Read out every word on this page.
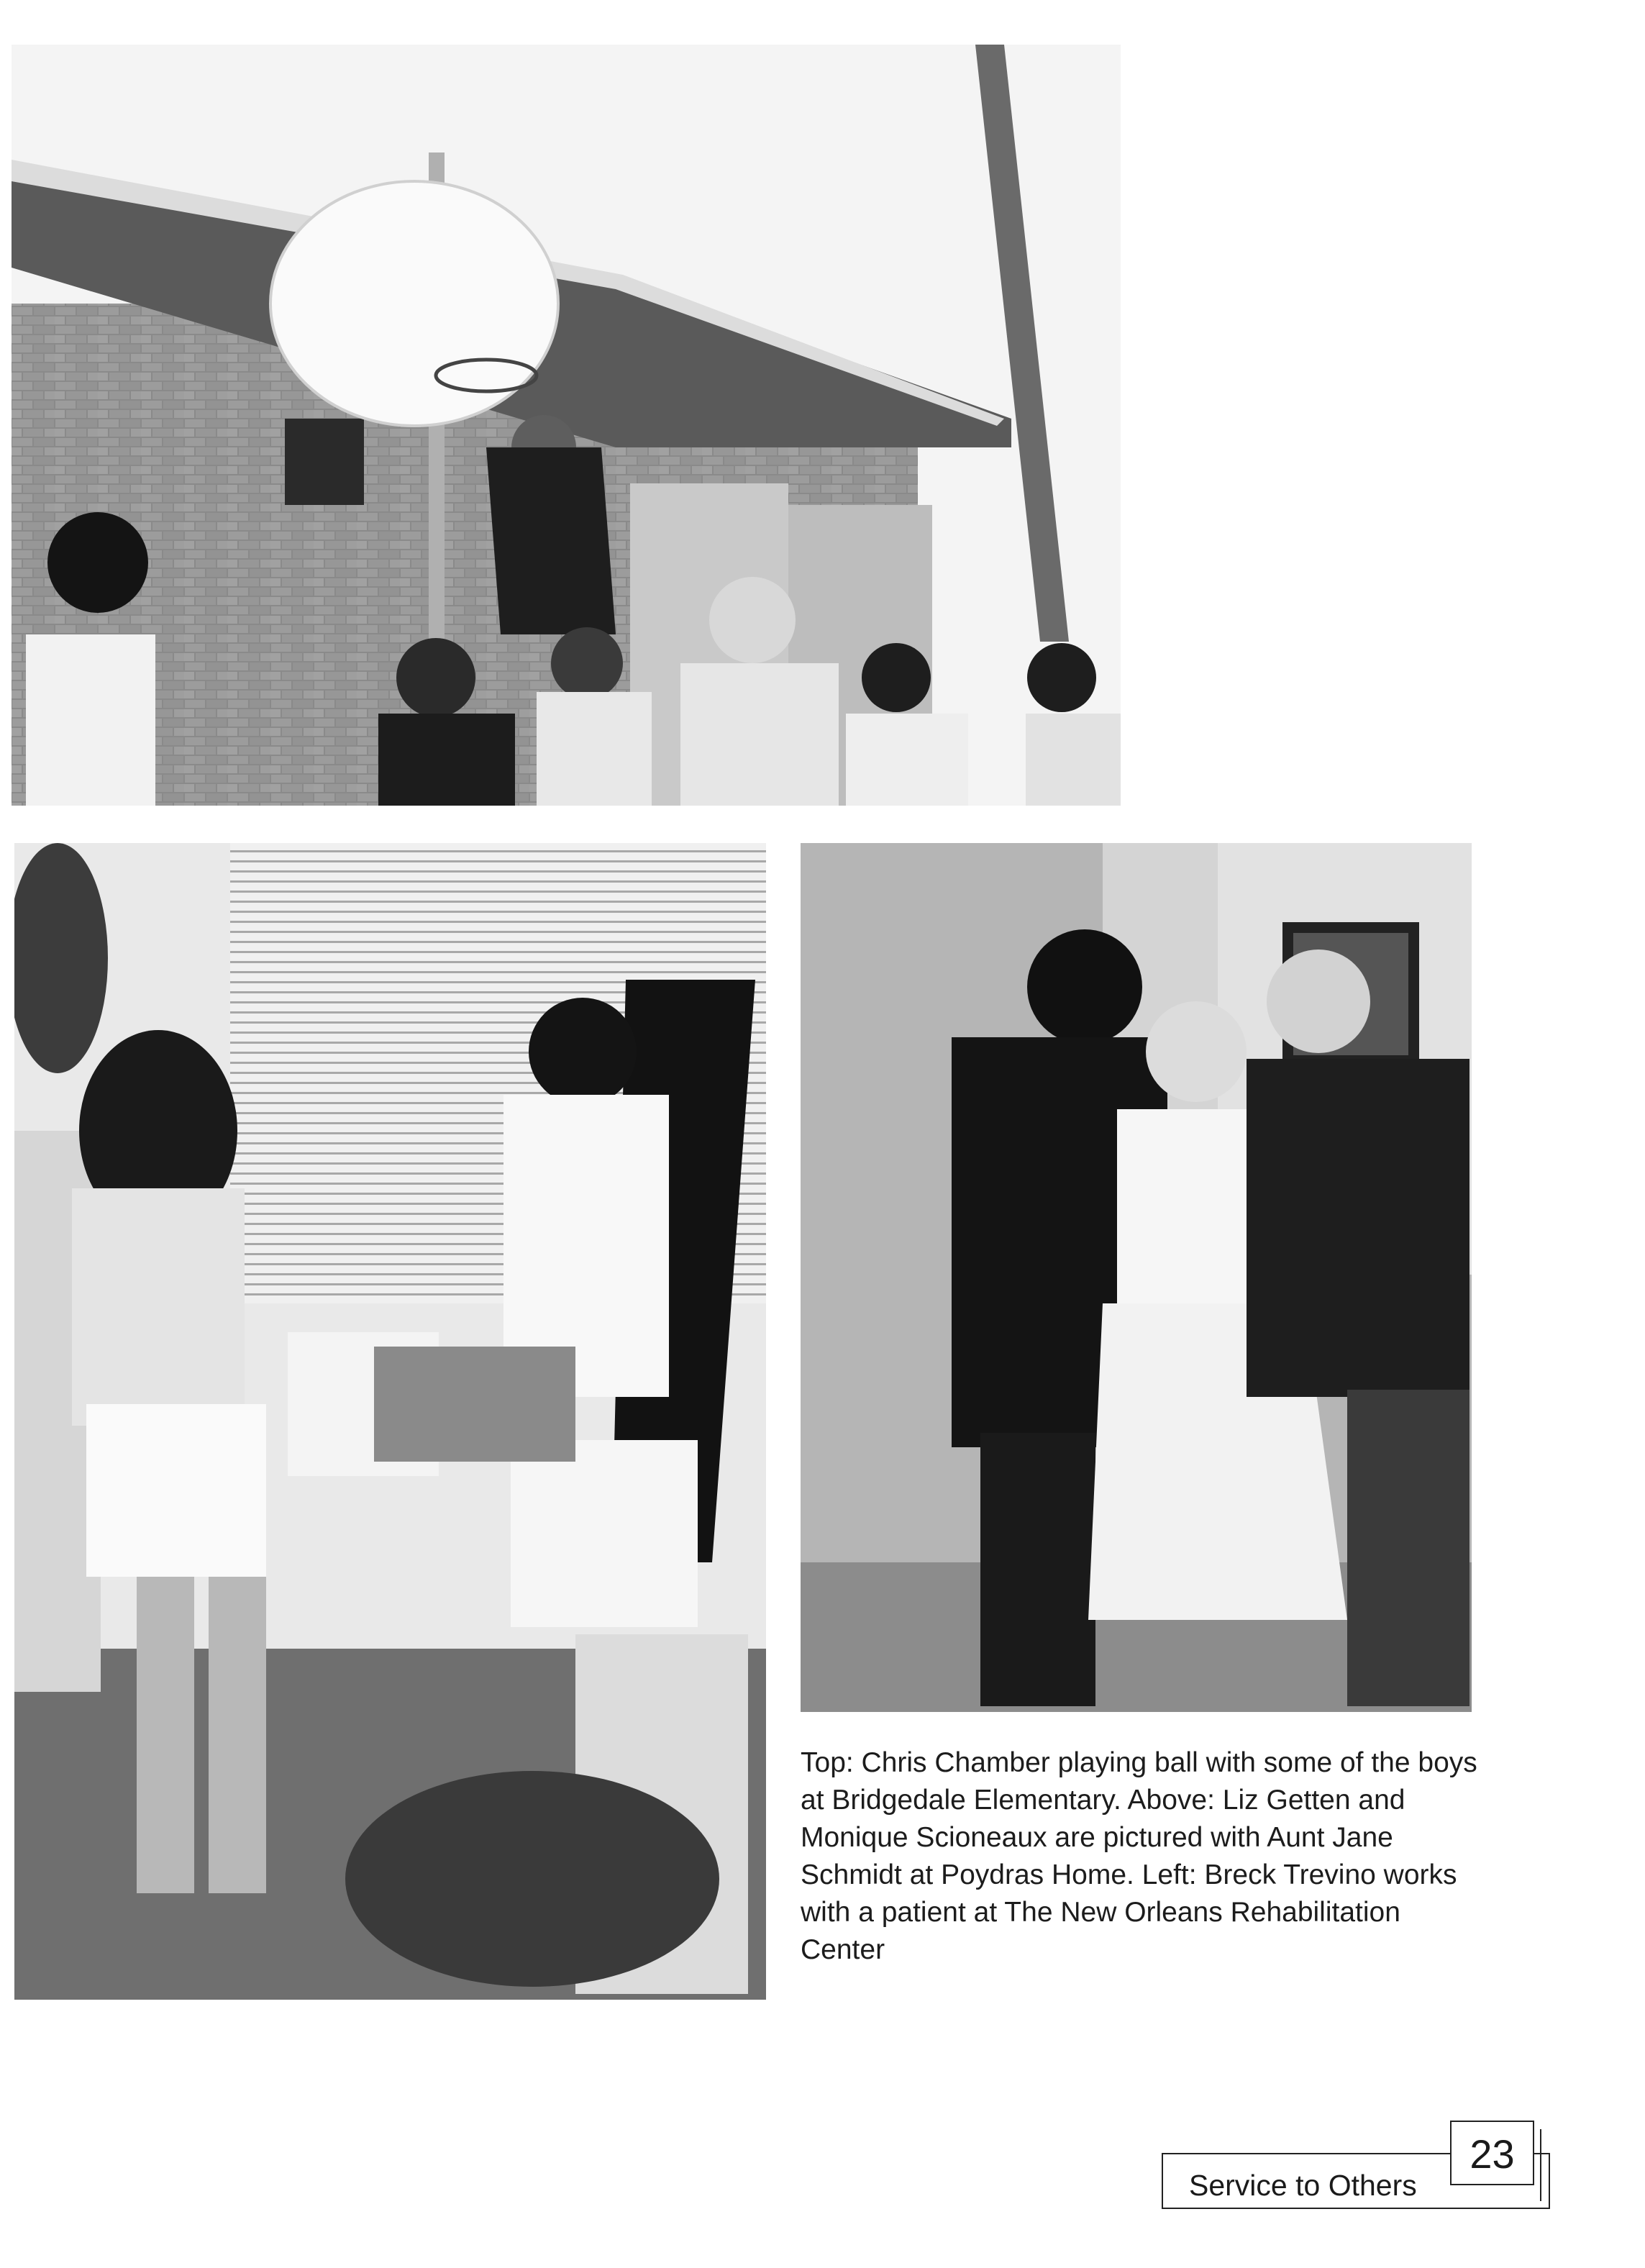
Top: Chris Chamber playing ball with some of the boys at Bridgedale Elementary. Above: Liz Getten and Monique Scioneaux are pictured with Aunt Jane Schmidt at Poydras Home. Left: Breck Trevino works with a patient at The New Orleans Rehabilitation Center

Service to Others
23
